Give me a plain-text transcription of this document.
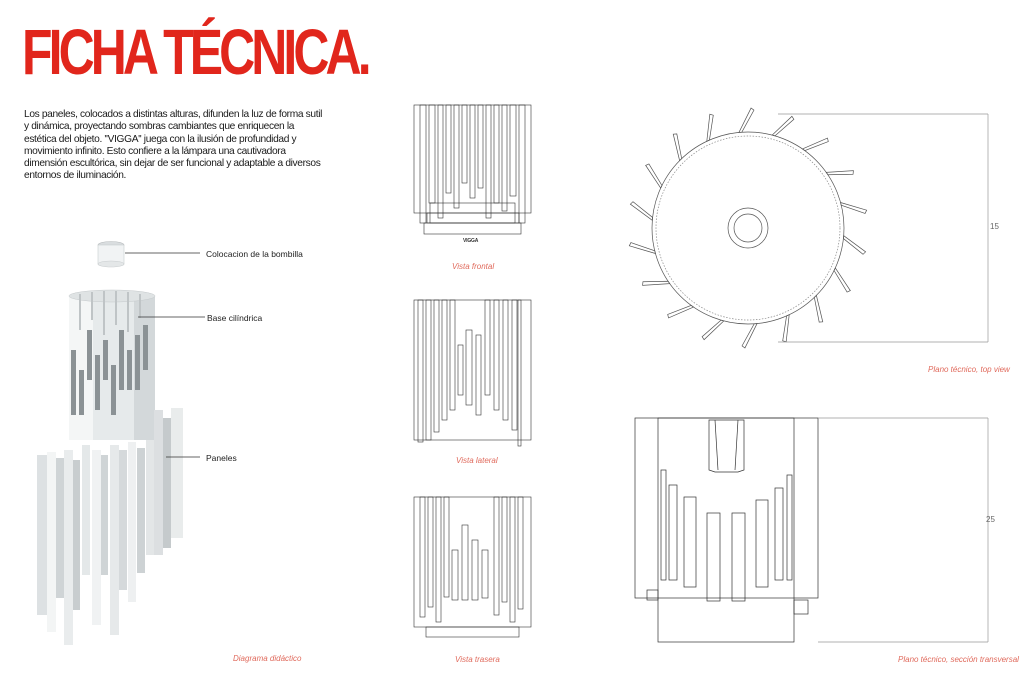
FICHA TÉCNICA.
Los paneles, colocados a distintas alturas, difunden la luz de forma sutil y dinámica, proyectando sombras cambiantes que enriquecen la estética del objeto. ''VIGGA'' juega con la ilusión de profundidad y movimiento infinito. Esto confiere a la lámpara una cautivadora dimensión escultórica, sin dejar de ser funcional y adaptable a diversos entornos de iluminación.
Colocacion de la bombilla
Base cilíndrica
Paneles
Diagrama didáctico
VIGGA
Vista frontal
Vista lateral
Vista trasera
15
Plano técnico, top view
25
Plano técnico, sección transversal
